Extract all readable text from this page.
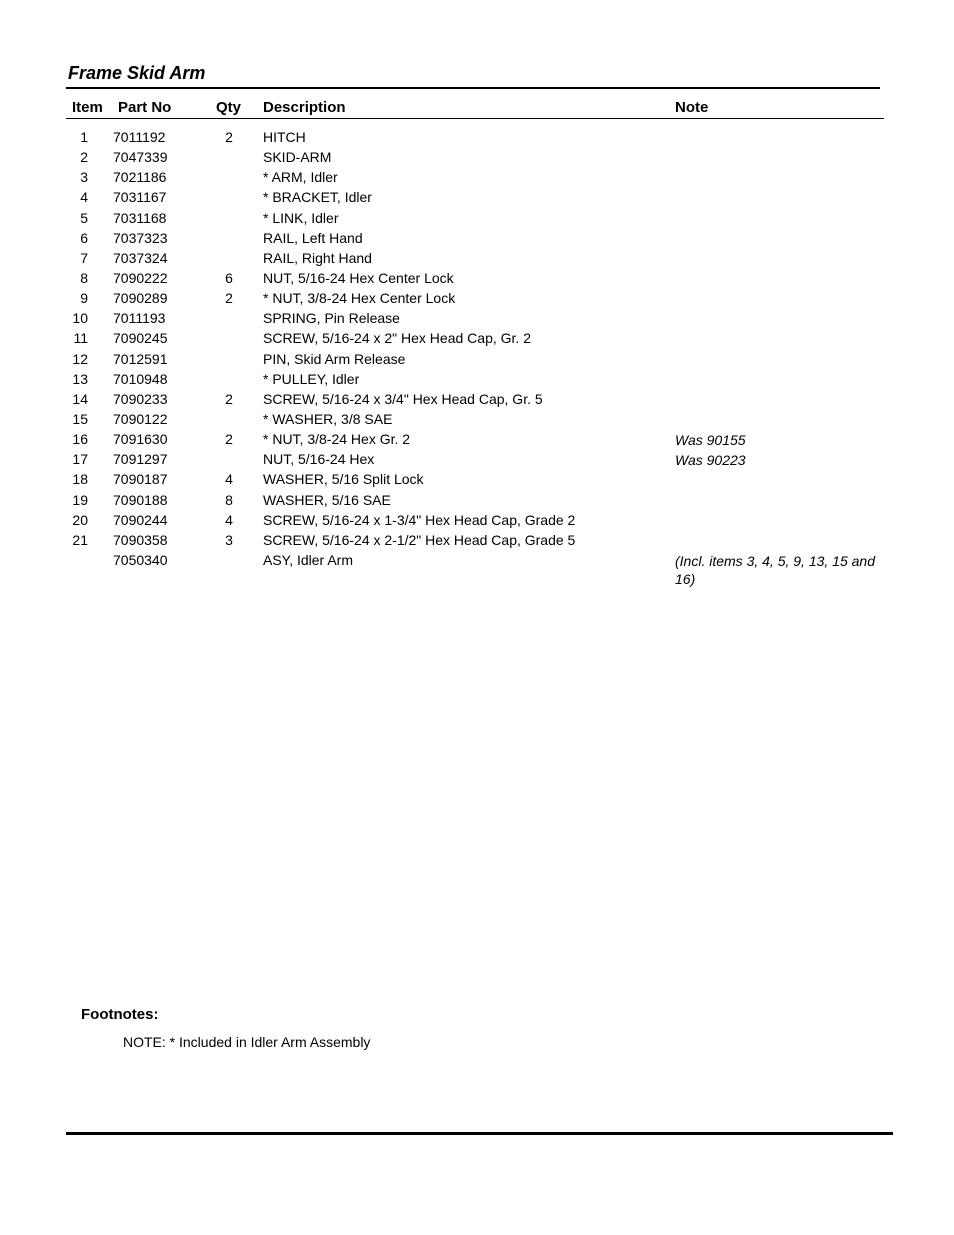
Frame Skid Arm
Item Part No	Qty Description	Note
1 7011192	2	HITCH
2 7047339	SKID-ARM
3 7021186	* ARM, Idler
4 7031167	* BRACKET, Idler
5 7031168	* LINK, Idler
6 7037323	RAIL, Left Hand
7 7037324	RAIL, Right Hand
8 7090222	6	NUT, 5/16-24 Hex Center Lock
9 7090289	2	* NUT, 3/8-24 Hex Center Lock
10 7011193	SPRING, Pin Release
11 7090245	SCREW, 5/16-24 x 2" Hex Head Cap, Gr. 2
12 7012591	PIN, Skid Arm Release
13 7010948	* PULLEY, Idler
14 7090233	2	SCREW, 5/16-24 x 3/4" Hex Head Cap, Gr. 5
15 7090122	* WASHER, 3/8 SAE
16 7091630	2	* NUT, 3/8-24 Hex Gr. 2	Was 90155
17 7091297	NUT, 5/16-24 Hex	Was 90223
18 7090187	4	WASHER, 5/16 Split Lock
19 7090188	8	WASHER, 5/16 SAE
20 7090244	4	SCREW, 5/16-24 x 1-3/4" Hex Head Cap, Grade 2
21 7090358	3	SCREW, 5/16-24 x 2-1/2" Hex Head Cap, Grade 5
7050340	ASY, Idler Arm	(Incl. items 3, 4, 5, 9, 13, 15 and 16)
Footnotes:
NOTE: * Included in Idler Arm Assembly
